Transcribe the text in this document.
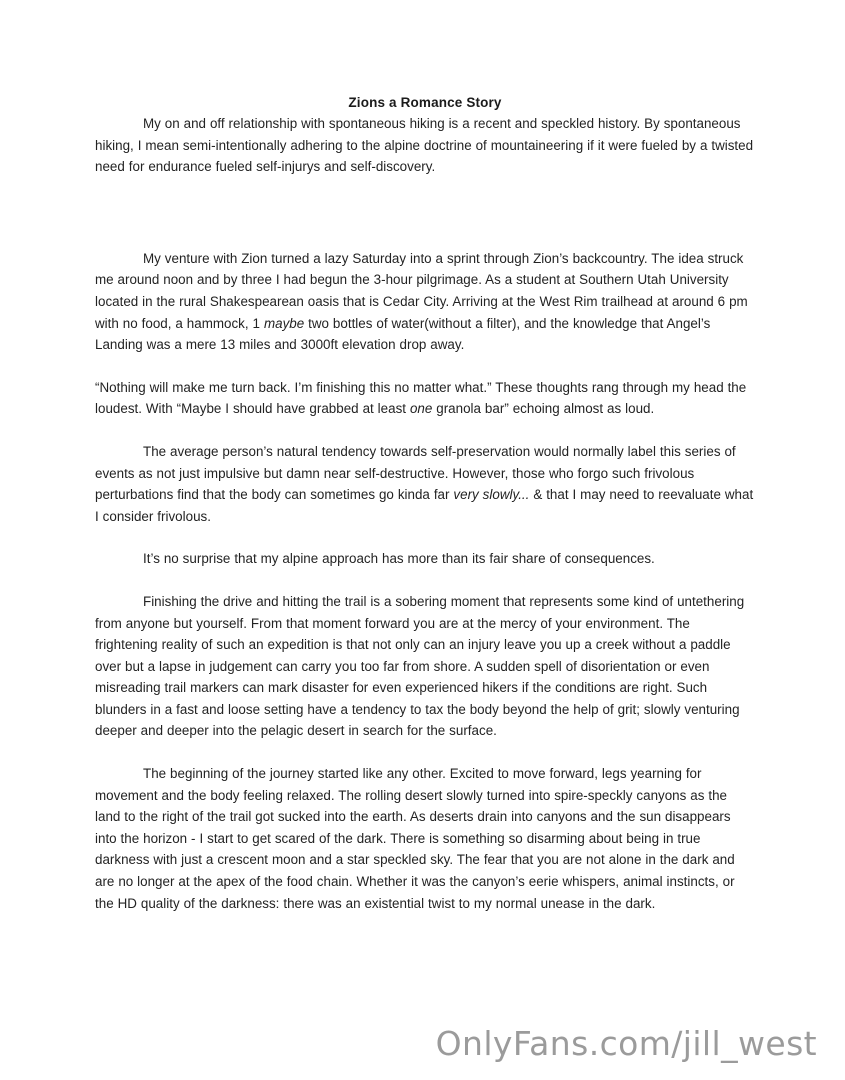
Zions a Romance Story

My on and off relationship with spontaneous hiking is a recent and speckled history. By spontaneous hiking, I mean semi-intentionally adhering to the alpine doctrine of mountaineering if it were fueled by a twisted need for endurance fueled self-injurys and self-discovery.

My venture with Zion turned a lazy Saturday into a sprint through Zion’s backcountry. The idea struck me around noon and by three I had begun the 3-hour pilgrimage. As a student at Southern Utah University located in the rural Shakespearean oasis that is Cedar City. Arriving at the West Rim trailhead at around 6 pm with no food, a hammock, 1 maybe two bottles of water(without a filter), and the knowledge that Angel’s Landing was a mere 13 miles and 3000ft elevation drop away.

“Nothing will make me turn back. I’m finishing this no matter what.” These thoughts rang through my head the loudest. With “Maybe I should have grabbed at least one granola bar” echoing almost as loud.

The average person’s natural tendency towards self-preservation would normally label this series of events as not just impulsive but damn near self-destructive. However, those who forgo such frivolous perturbations find that the body can sometimes go kinda far very slowly... & that I may need to reevaluate what I consider frivolous.

It’s no surprise that my alpine approach has more than its fair share of consequences.

Finishing the drive and hitting the trail is a sobering moment that represents some kind of untethering from anyone but yourself. From that moment forward you are at the mercy of your environment. The frightening reality of such an expedition is that not only can an injury leave you up a creek without a paddle over but a lapse in judgement can carry you too far from shore. A sudden spell of disorientation or even misreading trail markers can mark disaster for even experienced hikers if the conditions are right. Such blunders in a fast and loose setting have a tendency to tax the body beyond the help of grit; slowly venturing deeper and deeper into the pelagic desert in search for the surface.

The beginning of the journey started like any other. Excited to move forward, legs yearning for movement and the body feeling relaxed. The rolling desert slowly turned into spire-speckly canyons as the land to the right of the trail got sucked into the earth. As deserts drain into canyons and the sun disappears into the horizon - I start to get scared of the dark. There is something so disarming about being in true darkness with just a crescent moon and a star speckled sky. The fear that you are not alone in the dark and are no longer at the apex of the food chain. Whether it was the canyon’s eerie whispers, animal instincts, or the HD quality of the darkness: there was an existential twist to my normal unease in the dark.

OnlyFans.com/jill_west
